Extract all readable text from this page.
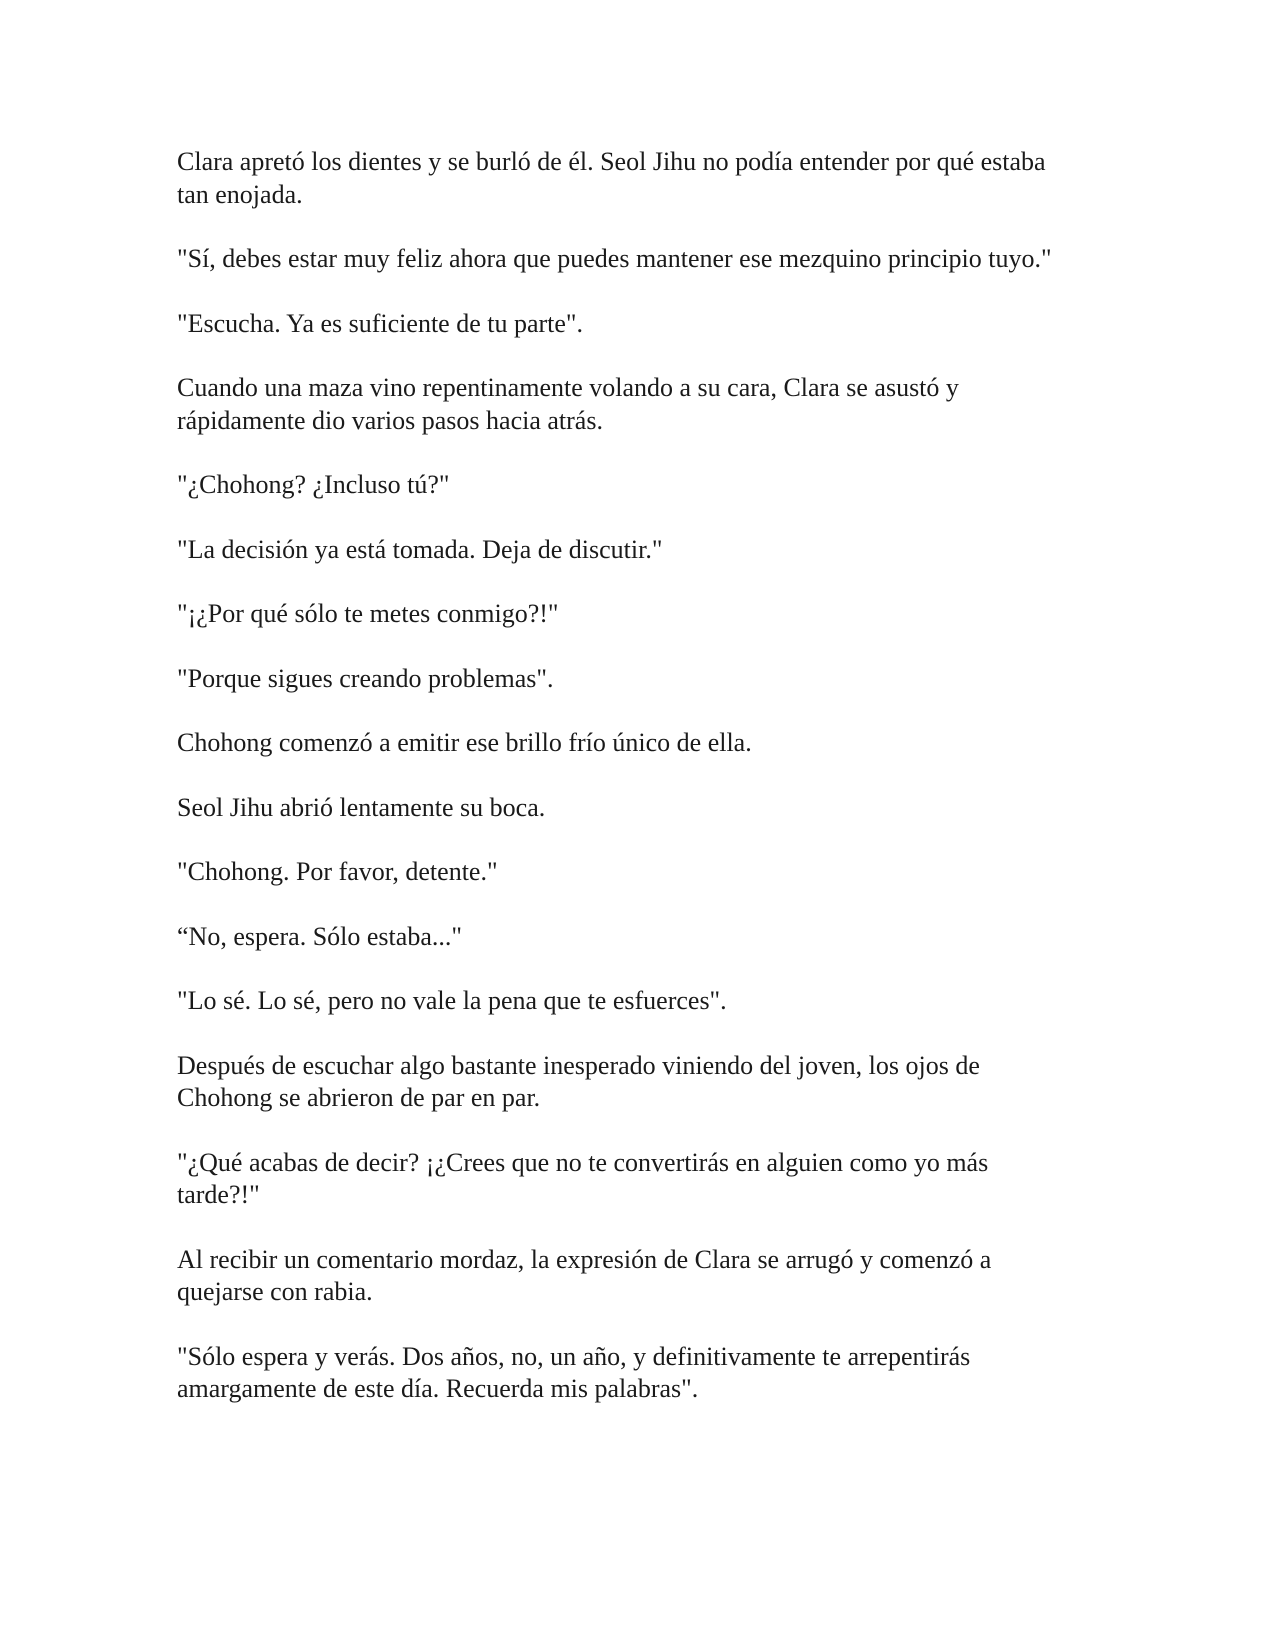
Clara apretó los dientes y se burló de él. Seol Jihu no podía entender por qué estaba tan enojada.

"Sí, debes estar muy feliz ahora que puedes mantener ese mezquino principio tuyo."

"Escucha. Ya es suficiente de tu parte".

Cuando una maza vino repentinamente volando a su cara, Clara se asustó y rápidamente dio varios pasos hacia atrás.

"¿Chohong? ¿Incluso tú?"

"La decisión ya está tomada. Deja de discutir."

"¡¿Por qué sólo te metes conmigo?!"

"Porque sigues creando problemas".

Chohong comenzó a emitir ese brillo frío único de ella.

Seol Jihu abrió lentamente su boca.

"Chohong. Por favor, detente."

“No, espera. Sólo estaba..."

"Lo sé. Lo sé, pero no vale la pena que te esfuerces".

Después de escuchar algo bastante inesperado viniendo del joven, los ojos de Chohong se abrieron de par en par.

"¿Qué acabas de decir? ¡¿Crees que no te convertirás en alguien como yo más tarde?!"

Al recibir un comentario mordaz, la expresión de Clara se arrugó y comenzó a quejarse con rabia.

"Sólo espera y verás. Dos años, no, un año, y definitivamente te arrepentirás amargamente de este día. Recuerda mis palabras".
